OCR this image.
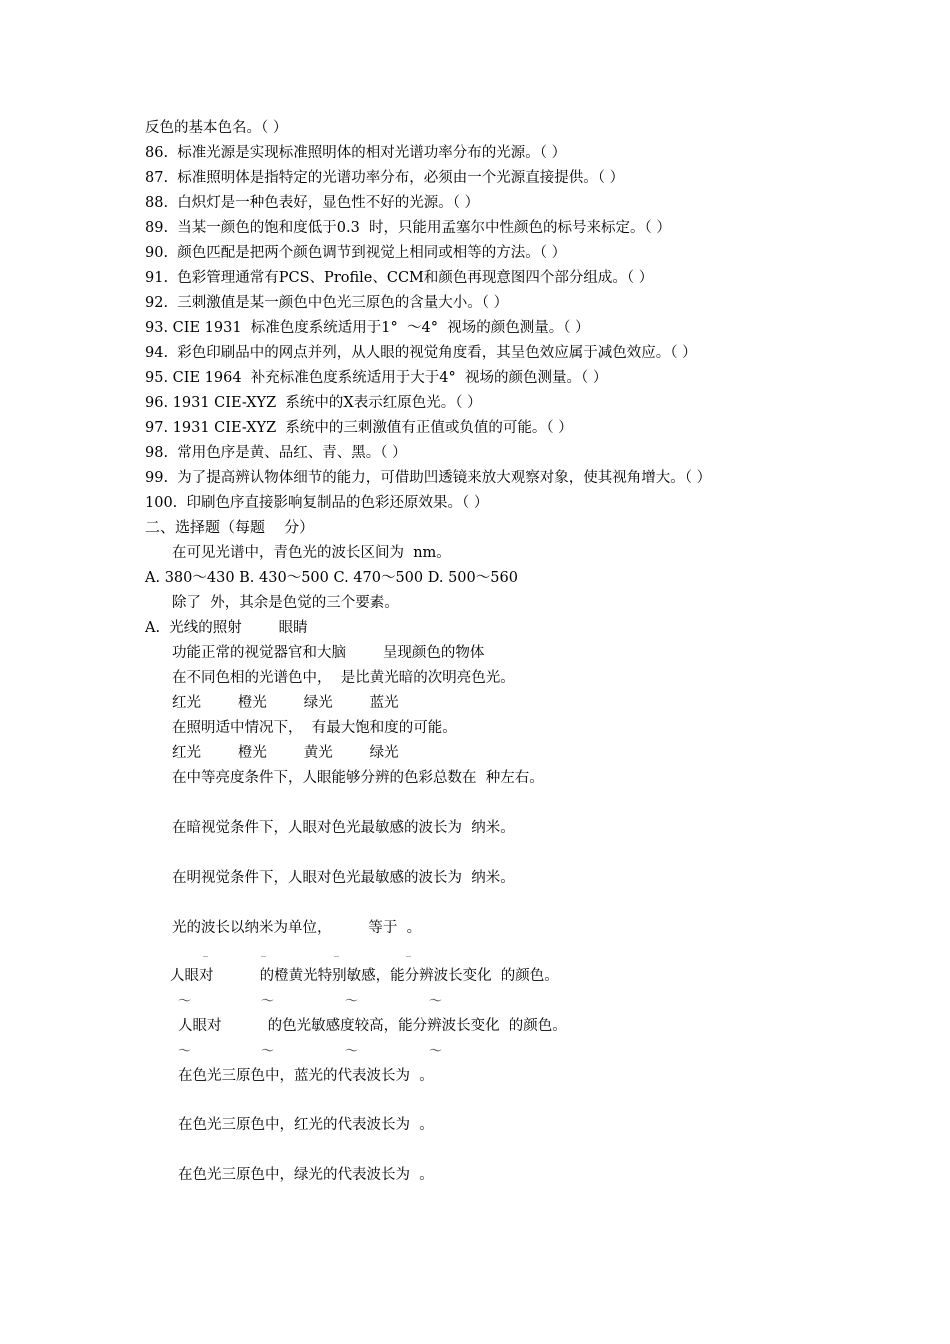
反色的基本色名。（ ）
86.  标准光源是实现标准照明体的相对光谱功率分布的光源。（ ）
87.  标准照明体是指特定的光谱功率分布，必须由一个光源直接提供。（ ）
88.  白炽灯是一种色表好，显色性不好的光源。（ ）
89.  当某一颜色的饱和度低于0.3  时，只能用孟塞尔中性颜色的标号来标定。（ ）
90.  颜色匹配是把两个颜色调节到视觉上相同或相等的方法。（ ）
91.  色彩管理通常有PCS、Profile、CCM和颜色再现意图四个部分组成。（ ）
92.  三刺激值是某一颜色中色光三原色的含量大小。（ ）
93. CIE 1931  标准色度系统适用于1°  ～4°  视场的颜色测量。（ ）
94.  彩色印刷品中的网点并列，从人眼的视觉角度看，其呈色效应属于减色效应。（ ）
95. CIE 1964  补充标准色度系统适用于大于4°  视场的颜色测量。（ ）
96. 1931 CIE-XYZ  系统中的X表示红原色光。（ ）
97. 1931 CIE-XYZ  系统中的三刺激值有正值或负值的可能。（ ）
98.  常用色序是黄、品红、青、黑。（ ）
99.  为了提高辨认物体细节的能力，可借助凹透镜来放大观察对象，使其视角增大。（ ）
100.  印刷色序直接影响复制品的色彩还原效果。（ ）
二、选择题（每题    分）
在可见光谱中，青色光的波长区间为  nm。
A. 380～430 B. 430～500 C. 470～500 D. 500～560
除了  外，其余是色觉的三个要素。
A.  光线的照射        眼睛
功能正常的视觉器官和大脑        呈现颜色的物体
在不同色相的光谱色中，  是比黄光暗的次明亮色光。
红光        橙光        绿光        蓝光
在照明适中情况下，  有最大饱和度的可能。
红光        橙光        黄光        绿光
在中等亮度条件下，人眼能够分辨的色彩总数在  种左右。
在暗视觉条件下，人眼对色光最敏感的波长为  纳米。
在明视觉条件下，人眼对色光最敏感的波长为  纳米。
光的波长以纳米为单位，        等于  。
_	_	_	_
人眼对          的橙黄光特别敏感，能分辨波长变化  的颜色。
～	～	～	～
人眼对          的色光敏感度较高，能分辨波长变化  的颜色。
～	～	～	～
在色光三原色中，蓝光的代表波长为  。
在色光三原色中，红光的代表波长为  。
在色光三原色中，绿光的代表波长为  。
